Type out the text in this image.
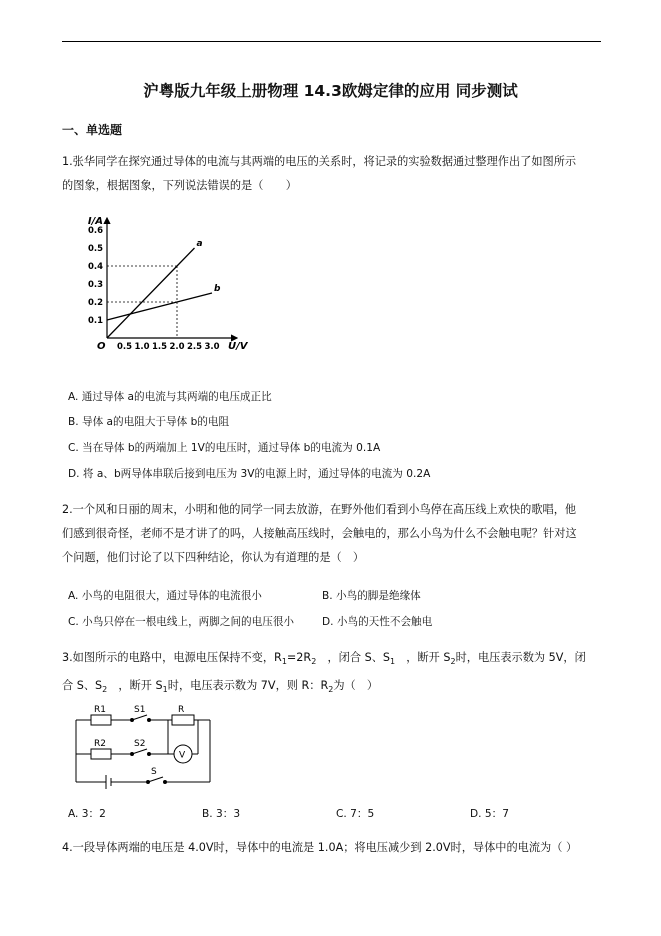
沪粤版九年级上册物理 14.3欧姆定律的应用 同步测试
一、单选题
1.张华同学在探究通过导体的电流与其两端的电压的关系时，将记录的实验数据通过整理作出了如图所示
的图象，根据图象，下列说法错误的是（　　）
I/A
U/V
O 0.5 1.0 1.5 2.0 2.5 3.0
0.1
0.2
0.3
0.4
0.5
0.6
a
b
A. 通过导体 a的电流与其两端的电压成正比
B. 导体 a的电阻大于导体 b的电阻
C. 当在导体 b的两端加上 1V的电压时，通过导体 b的电流为 0.1A
D. 将 a、b两导体串联后接到电压为 3V的电源上时，通过导体的电流为 0.2A
2.一个风和日丽的周末，小明和他的同学一同去放游，在野外他们看到小鸟停在高压线上欢快的歌唱，他
们感到很奇怪，老师不是才讲了的吗，人接触高压线时，会触电的，那么小鸟为什么不会触电呢？针对这
个问题，他们讨论了以下四种结论，你认为有道理的是（　）
A. 小鸟的电阻很大，通过导体的电流很小	B. 小鸟的脚是绝缘体
C. 小鸟只停在一根电线上，两脚之间的电压很小	D. 小鸟的天性不会触电
3.如图所示的电路中，电源电压保持不变，$R_1=2R_2$　，闭合 S、$S_1$　，断开 $S_2$时，电压表示数为 5V，闭
合 S、$S_2$　，断开 $S_1$时，电压表示数为 7V，则 R：$R_2$为（　）
R1	S1	R
R2	S2
V
S
A. 3：2	B. 3：3	C. 7：5	D. 5：7
4.一段导体两端的电压是 4.0V时，导体中的电流是 1.0A；将电压减少到 2.0V时，导体中的电流为（ ）
